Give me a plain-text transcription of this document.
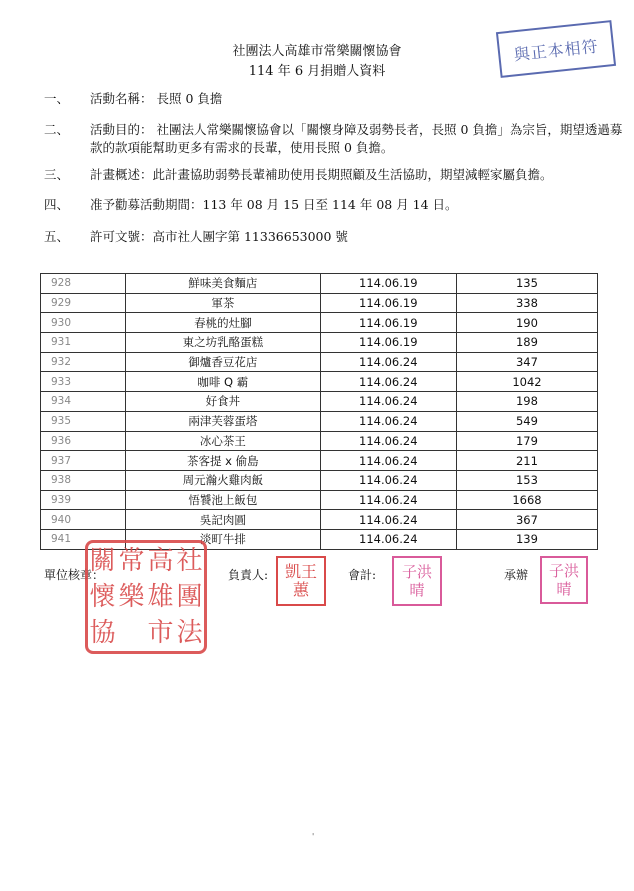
社團法人高雄市常樂關懷協會
114 年 6 月捐贈人資料
與正本相符
一、	活動名稱： 長照 0 負擔
二、	活動目的： 社團法人常樂關懷協會以「關懷身障及弱勢長者，長照 0 負擔」為宗旨，期望透過募款的款項能幫助更多有需求的長輩，使用長照 0 負擔。
三、	計畫概述：此計畫協助弱勢長輩補助使用長期照顧及生活協助，期望減輕家屬負擔。
四、	准予勸募活動期間：113 年 08 月 15 日至 114 年 08 月 14 日。
五、	許可文號：高市社人團字第 11336653000 號
928	鮮味美食麵店	114.06.19	135
929	軍茶	114.06.19	338
930	春桃的灶腳	114.06.19	190
931	東之坊乳酪蛋糕	114.06.19	189
932	御爐香豆花店	114.06.24	347
933	咖啡 Q 霸	114.06.24	1042
934	好食丼	114.06.24	198
935	兩津芙蓉蛋塔	114.06.24	549
936	冰心茶王	114.06.24	179
937	茶客提 x 偷島	114.06.24	211
938	周元瀚火雞肉飯	114.06.24	153
939	悟饕池上飯包	114.06.24	1668
940	吳記肉圓	114.06.24	367
941	淡町牛排	114.06.24	139
單位核章：	負責人:	會計:	承辦
關 常 高 社
懷 樂 雄 團
協 市 法
凱王
蕙
子洪
晴
子洪
晴
'
